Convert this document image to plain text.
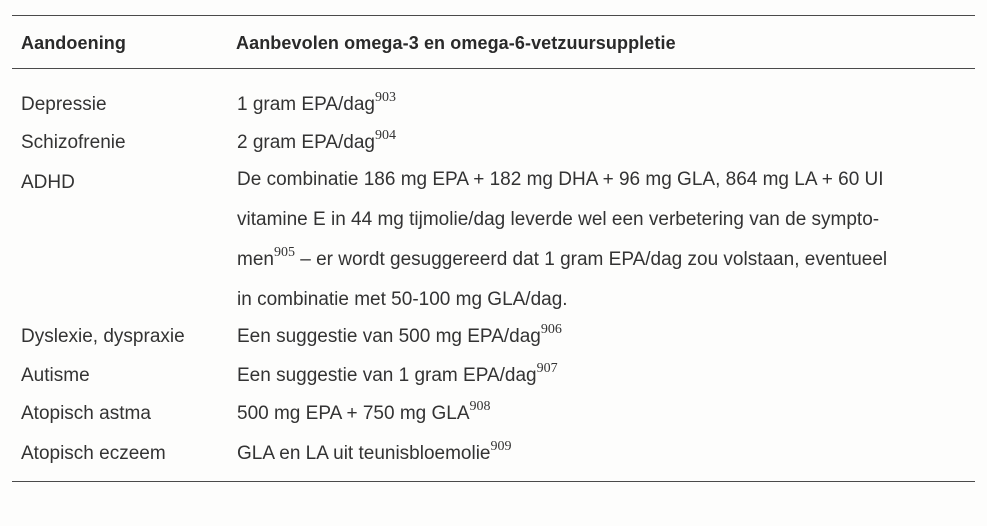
Aandoening	Aanbevolen omega-3 en omega-6-vetzuursuppletie
Depressie	1 gram EPA/dag$^{903}$
Schizofrenie	2 gram EPA/dag$^{904}$
ADHD	De combinatie 186 mg EPA + 182 mg DHA + 96 mg GLA, 864 mg LA + 60 UI
vitamine E in 44 mg tijmolie/dag leverde wel een verbetering van de sympto-
men$^{905}$ – er wordt gesuggereerd dat 1 gram EPA/dag zou volstaan, eventueel
in combinatie met 50-100 mg GLA/dag.
Dyslexie, dyspraxie	Een suggestie van 500 mg EPA/dag$^{906}$
Autisme	Een suggestie van 1 gram EPA/dag$^{907}$
Atopisch astma	500 mg EPA + 750 mg GLA$^{908}$
Atopisch eczeem	GLA en LA uit teunisbloemolie$^{909}$
